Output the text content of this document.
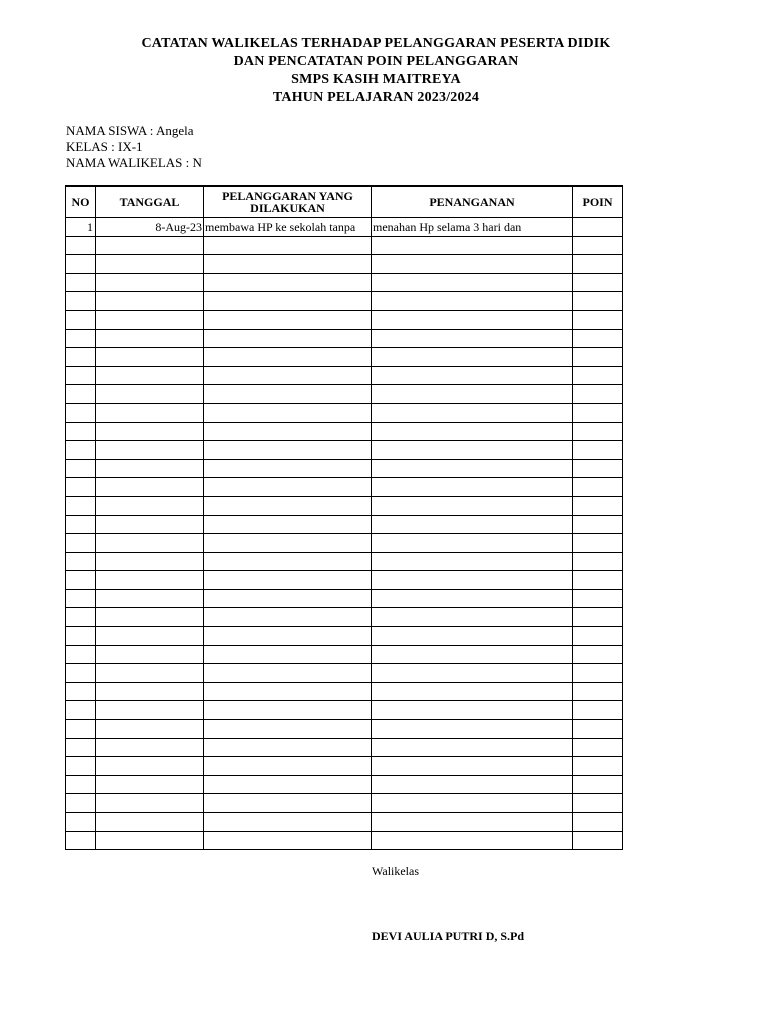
CATATAN WALIKELAS TERHADAP PELANGGARAN PESERTA DIDIK
DAN PENCATATAN POIN PELANGGARAN
SMPS KASIH MAITREYA
TAHUN PELAJARAN 2023/2024
NAMA SISWA : Angela
KELAS : IX-1
NAMA WALIKELAS : N
NO	TANGGAL	PELANGGARAN YANG DILAKUKAN	PENANGANAN	POIN
1	8-Aug-23	membawa HP ke sekolah tanpa	menahan Hp selama 3 hari dan	

Walikelas
DEVI AULIA PUTRI D, S.Pd
